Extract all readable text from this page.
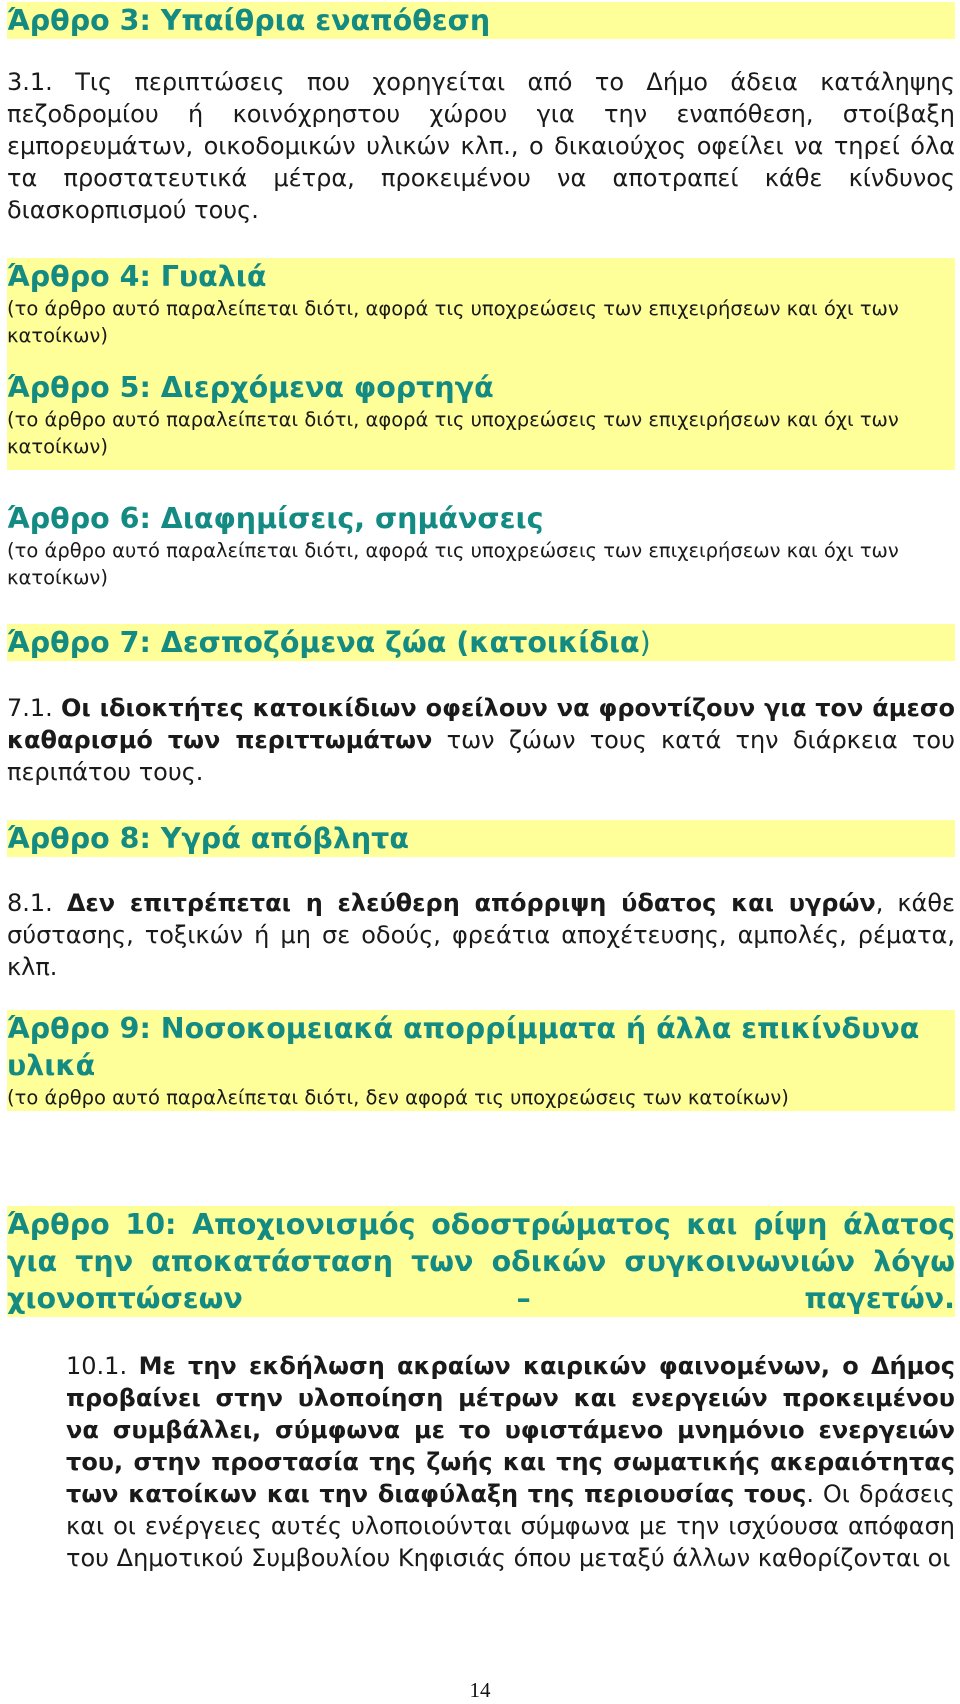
Άρθρο 3: Υπαίθρια εναπόθεση

3.1. Τις περιπτώσεις που χορηγείται από το Δήμο άδεια κατάληψης πεζοδρομίου ή κοινόχρηστου χώρου για την εναπόθεση, στοίβαξη εμπορευμάτων, οικοδομικών υλικών κλπ., ο δικαιούχος οφείλει να τηρεί όλα τα προστατευτικά μέτρα, προκειμένου να αποτραπεί κάθε κίνδυνος διασκορπισμού τους.

Άρθρο 4: Γυαλιά

(το άρθρο αυτό παραλείπεται διότι, αφορά τις υποχρεώσεις των επιχειρήσεων και όχι των κατοίκων)

Άρθρο 5: Διερχόμενα φορτηγά

(το άρθρο αυτό παραλείπεται διότι, αφορά τις υποχρεώσεις των επιχειρήσεων και όχι των κατοίκων)

Άρθρο 6: Διαφημίσεις, σημάνσεις

(το άρθρο αυτό παραλείπεται διότι, αφορά τις υποχρεώσεις των επιχειρήσεων και όχι των κατοίκων)

Άρθρο 7: Δεσποζόμενα ζώα (κατοικίδια)

7.1. Οι ιδιοκτήτες κατοικίδιων οφείλουν να φροντίζουν για τον άμεσο καθαρισμό των περιττωμάτων των ζώων τους κατά την διάρκεια του περιπάτου τους.

Άρθρο 8: Υγρά απόβλητα

8.1. Δεν επιτρέπεται η ελεύθερη απόρριψη ύδατος και υγρών, κάθε σύστασης, τοξικών ή μη σε οδούς, φρεάτια αποχέτευσης, αμπολές, ρέματα, κλπ.

Άρθρο 9: Νοσοκομειακά απορρίμματα ή άλλα επικίνδυνα υλικά

(το άρθρο αυτό παραλείπεται διότι, δεν αφορά τις υποχρεώσεις των κατοίκων)

Άρθρο 10: Αποχιονισμός οδοστρώματος και ρίψη άλατος για την αποκατάσταση των οδικών συγκοινωνιών λόγω χιονοπτώσεων – παγετών.

10.1. Με την εκδήλωση ακραίων καιρικών φαινομένων, ο Δήμος προβαίνει στην υλοποίηση μέτρων και ενεργειών προκειμένου να συμβάλλει, σύμφωνα με το υφιστάμενο μνημόνιο ενεργειών του, στην προστασία της ζωής και της σωματικής ακεραιότητας των κατοίκων και την διαφύλαξη της περιουσίας τους. Οι δράσεις και οι ενέργειες αυτές υλοποιούνται σύμφωνα με την ισχύουσα απόφαση του Δημοτικού Συμβουλίου Κηφισιάς όπου μεταξύ άλλων καθορίζονται οι

14
